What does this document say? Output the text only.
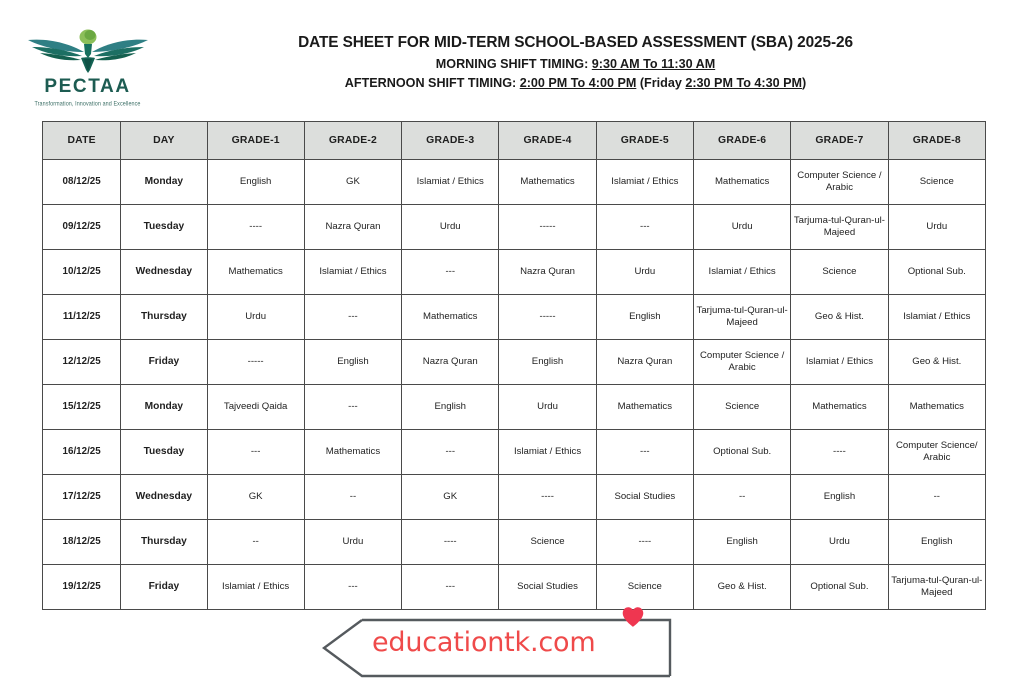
PECTAA
Transformation, Innovation and Excellence
DATE SHEET FOR MID-TERM SCHOOL-BASED ASSESSMENT (SBA) 2025-26
MORNING SHIFT TIMING: 9:30 AM To 11:30 AM
AFTERNOON SHIFT TIMING: 2:00 PM To 4:00 PM (Friday 2:30 PM To 4:30 PM)
DATE	DAY	GRADE-1	GRADE-2	GRADE-3	GRADE-4	GRADE-5	GRADE-6	GRADE-7	GRADE-8
08/12/25	Monday	English	GK	Islamiat / Ethics	Mathematics	Islamiat / Ethics	Mathematics	Computer Science / Arabic	Science
09/12/25	Tuesday	----	Nazra Quran	Urdu	-----	---	Urdu	Tarjuma-tul-Quran-ul-Majeed	Urdu
10/12/25	Wednesday	Mathematics	Islamiat / Ethics	---	Nazra Quran	Urdu	Islamiat / Ethics	Science	Optional Sub.
11/12/25	Thursday	Urdu	---	Mathematics	-----	English	Tarjuma-tul-Quran-ul-Majeed	Geo & Hist.	Islamiat / Ethics
12/12/25	Friday	-----	English	Nazra Quran	English	Nazra Quran	Computer Science / Arabic	Islamiat / Ethics	Geo & Hist.
15/12/25	Monday	Tajveedi Qaida	---	English	Urdu	Mathematics	Science	Mathematics	Mathematics
16/12/25	Tuesday	---	Mathematics	---	Islamiat / Ethics	---	Optional Sub.	----	Computer Science/ Arabic
17/12/25	Wednesday	GK	--	GK	----	Social Studies	--	English	--
18/12/25	Thursday	--	Urdu	----	Science	----	English	Urdu	English
19/12/25	Friday	Islamiat / Ethics	---	---	Social Studies	Science	Geo & Hist.	Optional Sub.	Tarjuma-tul-Quran-ul-Majeed
educationtk.com
